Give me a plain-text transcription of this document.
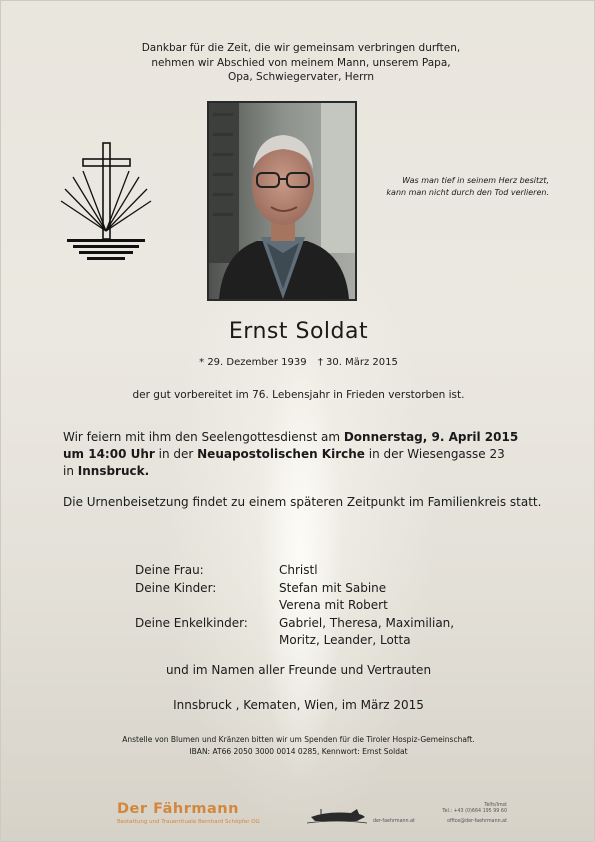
Dankbar für die Zeit, die wir gemeinsam verbringen durften,
nehmen wir Abschied von meinem Mann, unserem Papa,
Opa, Schwiegervater, Herrn
Was man tief in seinem Herz besitzt,
kann man nicht durch den Tod verlieren.
Ernst Soldat
* 29. Dezember 1939 † 30. März 2015
der gut vorbereitet im 76. Lebensjahr in Frieden verstorben ist.
Wir feiern mit ihm den Seelengottesdienst am Donnerstag, 9. April 2015
um 14:00 Uhr in der Neuapostolischen Kirche in der Wiesengasse 23
in Innsbruck.
Die Urnenbeisetzung findet zu einem späteren Zeitpunkt im Familienkreis statt.
Deine Frau:	Christl
Deine Kinder:	Stefan mit Sabine
Verena mit Robert
Deine Enkelkinder:	Gabriel, Theresa, Maximilian,
Moritz, Leander, Lotta
und im Namen aller Freunde und Vertrauten
Innsbruck , Kematen, Wien, im März 2015
Anstelle von Blumen und Kränzen bitten wir um Spenden für die Tiroler Hospiz-Gemeinschaft.
IBAN: AT66 2050 3000 0014 0285, Kennwort: Ernst Soldat
Der Fährmann
Bestattung und Trauerrituale Bernhard Schöpfer OG
Telfs/Imst
Tel.: +43 (0)664 195 99 60
der-faehrmann.at	office@der-faehrmann.at
